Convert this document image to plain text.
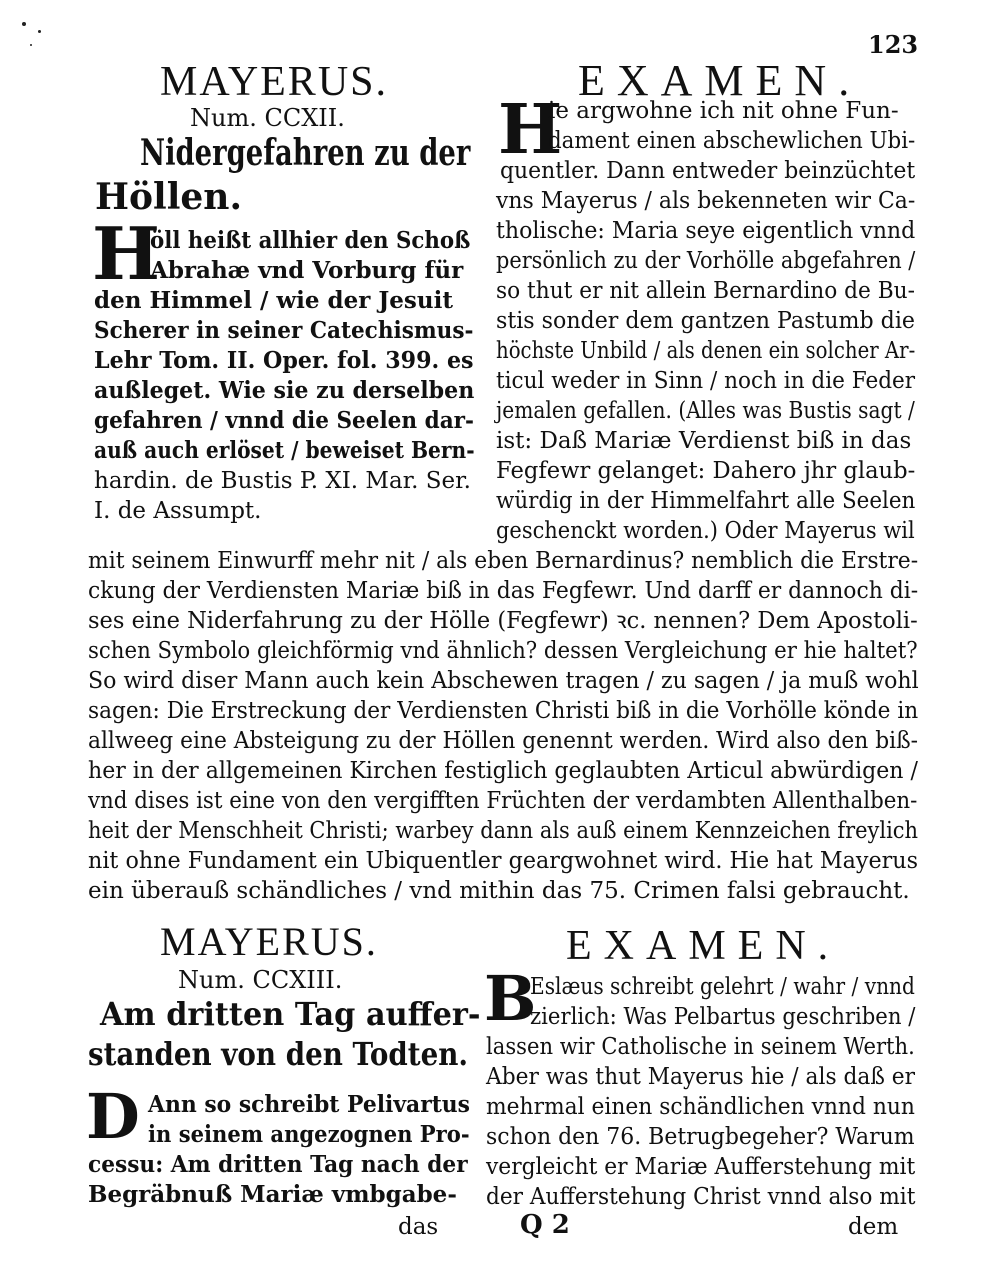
123
MAYERUS.	EXAMEN.
Num. CCXII.
Nidergefahren zu der
Höllen.
H
öll heißt allhier den Schoß
Abrahæ vnd Vorburg für
den Himmel / wie der Jesuit
Scherer in seiner Catechismus-
Lehr Tom. II. Oper. fol. 399. es
außleget. Wie sie zu derselben
gefahren / vnnd die Seelen dar-
auß auch erlöset / beweiset Bern-
hardin. de Bustis P. XI. Mar. Ser.
I. de Assumpt.
H
ie argwohne ich nit ohne Fun-
dament einen abschewlichen Ubi-
quentler. Dann entweder beinzüchtet
vns Mayerus / als bekenneten wir Ca-
tholische: Maria seye eigentlich vnnd
persönlich zu der Vorhölle abgefahren /
so thut er nit allein Bernardino de Bu-
stis sonder dem gantzen Pastumb die
höchste Unbild / als denen ein solcher Ar-
ticul weder in Sinn / noch in die Feder
jemalen gefallen. (Alles was Bustis sagt /
ist: Daß Mariæ Verdienst biß in das
Fegfewr gelanget: Dahero jhr glaub-
würdig in der Himmelfahrt alle Seelen
geschenckt worden.) Oder Mayerus wil
mit seinem Einwurff mehr nit / als eben Bernardinus? nemblich die Erstre-
ckung der Verdiensten Mariæ biß in das Fegfewr. Und darff er dannoch di-
ses eine Niderfahrung zu der Hölle (Fegfewr) ꝛc. nennen? Dem Apostoli-
schen Symbolo gleichförmig vnd ähnlich? dessen Vergleichung er hie haltet?
So wird diser Mann auch kein Abschewen tragen / zu sagen / ja muß wohl
sagen: Die Erstreckung der Verdiensten Christi biß in die Vorhölle könde in
allweeg eine Absteigung zu der Höllen genennt werden. Wird also den biß-
her in der allgemeinen Kirchen festiglich geglaubten Articul abwürdigen /
vnd dises ist eine von den vergifften Früchten der verdambten Allenthalben-
heit der Menschheit Christi; warbey dann als auß einem Kennzeichen freylich
nit ohne Fundament ein Ubiquentler geargwohnet wird. Hie hat Mayerus
ein überauß schändliches / vnd mithin das 75. Crimen falsi gebraucht.
MAYERUS.	EXAMEN.
Num. CCXIII.
Am dritten Tag auffer-
standen von den Todten.
D Ann so schreibt Pelivartus
in seinem angezognen Pro-
cessu: Am dritten Tag nach der
Begräbnuß Mariæ vmbgabe-
B
Eslæus schreibt gelehrt / wahr / vnnd
zierlich: Was Pelbartus geschriben /
lassen wir Catholische in seinem Werth.
Aber was thut Mayerus hie / als daß er
mehrmal einen schändlichen vnnd nun
schon den 76. Betrugbegeher? Warum
vergleicht er Mariæ Aufferstehung mit
der Aufferstehung Christ vnnd also mit
das	Q 2	dem
